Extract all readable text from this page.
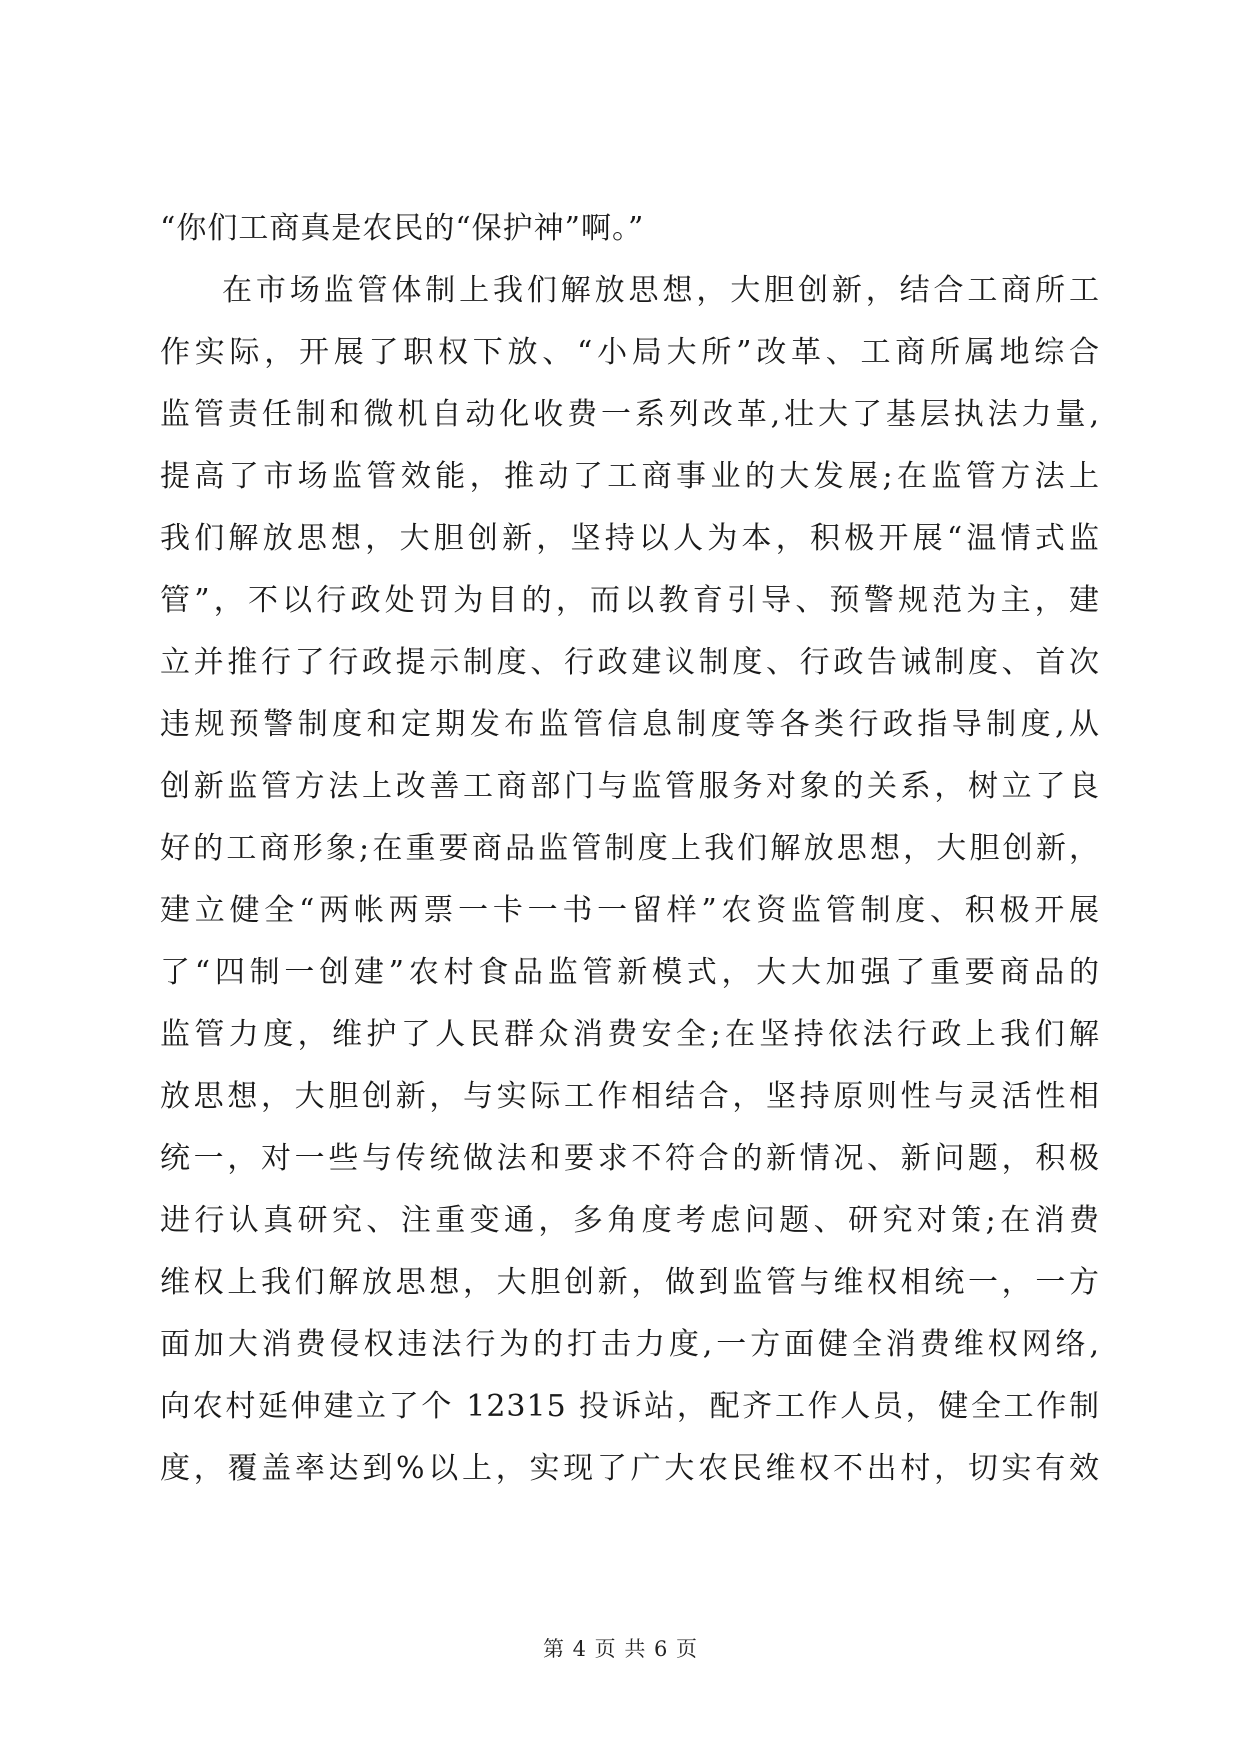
“你们工商真是农民的“保护神”啊。”
在市场监管体制上我们解放思想，大胆创新，结合工商所工
作实际，开展了职权下放、“小局大所”改革、工商所属地综合
监管责任制和微机自动化收费一系列改革,壮大了基层执法力量,
提高了市场监管效能，推动了工商事业的大发展;在监管方法上
我们解放思想，大胆创新，坚持以人为本，积极开展“温情式监
管”，不以行政处罚为目的，而以教育引导、预警规范为主，建
立并推行了行政提示制度、行政建议制度、行政告诫制度、首次
违规预警制度和定期发布监管信息制度等各类行政指导制度,从
创新监管方法上改善工商部门与监管服务对象的关系，树立了良
好的工商形象;在重要商品监管制度上我们解放思想，大胆创新，
建立健全“两帐两票一卡一书一留样”农资监管制度、积极开展
了“四制一创建”农村食品监管新模式，大大加强了重要商品的
监管力度，维护了人民群众消费安全;在坚持依法行政上我们解
放思想，大胆创新，与实际工作相结合，坚持原则性与灵活性相
统一，对一些与传统做法和要求不符合的新情况、新问题，积极
进行认真研究、注重变通，多角度考虑问题、研究对策;在消费
维权上我们解放思想，大胆创新，做到监管与维权相统一，一方
面加大消费侵权违法行为的打击力度,一方面健全消费维权网络,
向农村延伸建立了个 12315 投诉站，配齐工作人员，健全工作制
度，覆盖率达到%以上，实现了广大农民维权不出村，切实有效
第 4 页 共 6 页
